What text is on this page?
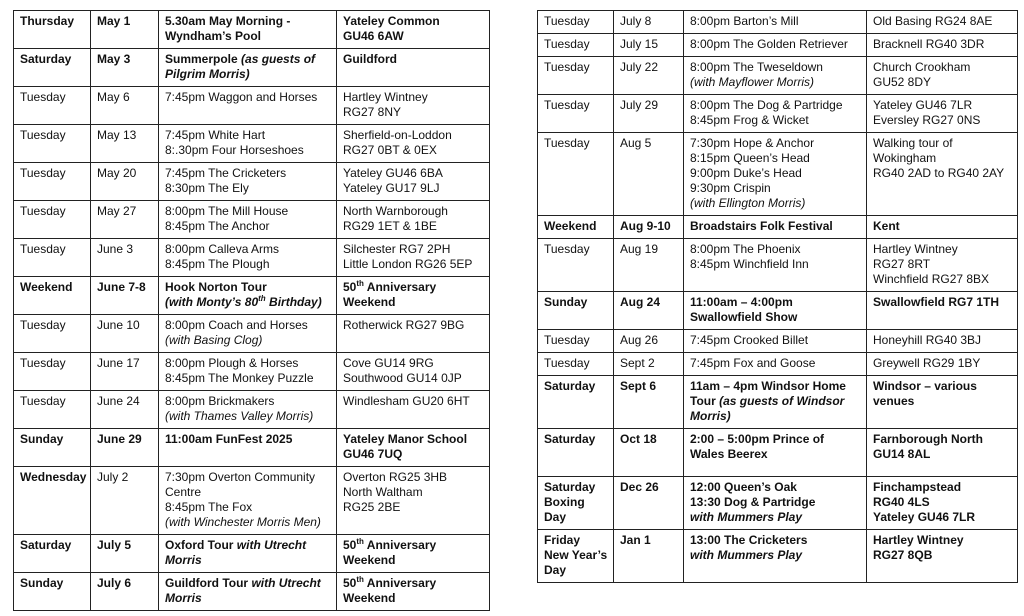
Thursday	May 1	5.30am May Morning -
Wyndham’s Pool	Yateley Common
GU46 6AW
Saturday	May 3	Summerpole (as guests of
Pilgrim Morris)	Guildford
Tuesday	May 6	7:45pm Waggon and Horses	Hartley Wintney
RG27 8NY
Tuesday	May 13	7:45pm White Hart
8:.30pm Four Horseshoes	Sherfield-on-Loddon
RG27 0BT & 0EX
Tuesday	May 20	7:45pm The Cricketers
8:30pm The Ely	Yateley GU46 6BA
Yateley GU17 9LJ
Tuesday	May 27	8:00pm The Mill House
8:45pm The Anchor	North Warnborough
RG29 1ET & 1BE
Tuesday	June 3	8:00pm Calleva Arms
8:45pm The Plough	Silchester RG7 2PH
Little London RG26 5EP
Weekend	June 7-8	Hook Norton Tour
(with Monty’s 80th Birthday)	50th Anniversary
Weekend
Tuesday	June 10	8:00pm Coach and Horses
(with Basing Clog)	Rotherwick RG27 9BG
Tuesday	June 17	8:00pm Plough & Horses
8:45pm The Monkey Puzzle	Cove GU14 9RG
Southwood GU14 0JP
Tuesday	June 24	8:00pm Brickmakers
(with Thames Valley Morris)	Windlesham GU20 6HT
Sunday	June 29	11:00am FunFest 2025	Yateley Manor School
GU46 7UQ
Wednesday	July 2	7:30pm Overton Community
Centre
8:45pm The Fox
(with Winchester Morris Men)	Overton RG25 3HB
North Waltham
RG25 2BE
Saturday	July 5	Oxford Tour with Utrecht
Morris	50th Anniversary
Weekend
Sunday	July 6	Guildford Tour with Utrecht
Morris	50th Anniversary
Weekend
Tuesday	July 8	8:00pm Barton’s Mill	Old Basing RG24 8AE
Tuesday	July 15	8:00pm The Golden Retriever	Bracknell RG40 3DR
Tuesday	July 22	8:00pm The Tweseldown
(with Mayflower Morris)	Church Crookham
GU52 8DY
Tuesday	July 29	8:00pm The Dog & Partridge
8:45pm Frog & Wicket	Yateley GU46 7LR
Eversley RG27 0NS
Tuesday	Aug 5	7:30pm Hope & Anchor
8:15pm Queen’s Head
9:00pm Duke’s Head
9:30pm Crispin
(with Ellington Morris)	Walking tour of
Wokingham
RG40 2AD to RG40 2AY
Weekend	Aug 9-10	Broadstairs Folk Festival	Kent
Tuesday	Aug 19	8:00pm The Phoenix
8:45pm Winchfield Inn	Hartley Wintney
RG27 8RT
Winchfield RG27 8BX
Sunday	Aug 24	11:00am – 4:00pm
Swallowfield Show	Swallowfield RG7 1TH
Tuesday	Aug 26	7:45pm Crooked Billet	Honeyhill RG40 3BJ
Tuesday	Sept 2	7:45pm Fox and Goose	Greywell RG29 1BY
Saturday	Sept 6	11am – 4pm Windsor Home
Tour (as guests of Windsor
Morris)	Windsor – various
venues
Saturday	Oct 18	2:00 – 5:00pm Prince of
Wales Beerex	Farnborough North
GU14 8AL
Saturday
Boxing Day	Dec 26	12:00 Queen’s Oak
13:30 Dog & Partridge
with Mummers Play	Finchampstead
RG40 4LS
Yateley GU46 7LR
Friday
New Year’s
Day	Jan 1	13:00 The Cricketers
with Mummers Play	Hartley Wintney
RG27 8QB
